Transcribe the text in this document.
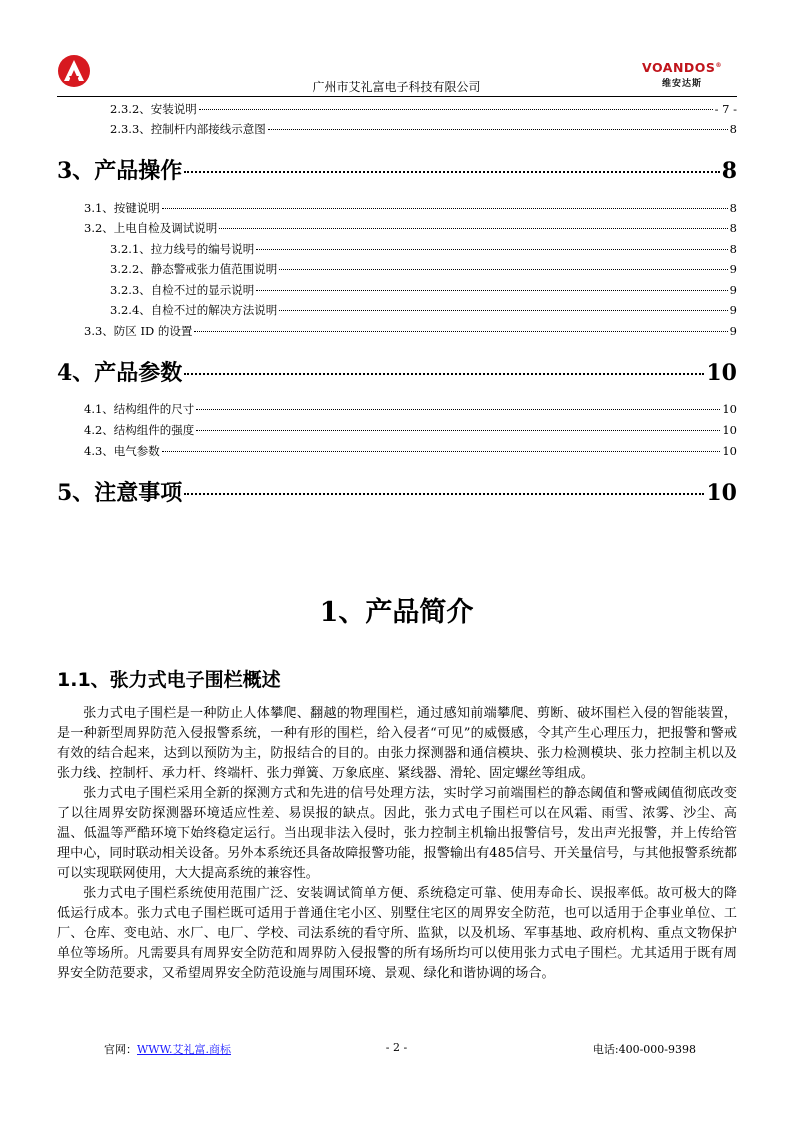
VOANDOS®
维安达斯
广州市艾礼富电子科技有限公司
2.3.2、安装说明	- 7 -
2.3.3、控制杆内部接线示意图	8
3、产品操作	8
3.1、按键说明	8
3.2、上电自检及调试说明	8
3.2.1、拉力线号的编号说明	8
3.2.2、静态警戒张力值范围说明	9
3.2.3、自检不过的显示说明	9
3.2.4、自检不过的解决方法说明	9
3.3、防区 ID 的设置	9
4、产品参数	10
4.1、结构组件的尺寸	10
4.2、结构组件的强度	10
4.3、电气参数	10
5、注意事项	10
1、产品简介
1.1、张力式电子围栏概述

张力式电子围栏是一种防止人体攀爬、翻越的物理围栏，通过感知前端攀爬、剪断、破坏围栏入侵的智能装置，是一种新型周界防范入侵报警系统，一种有形的围栏，给入侵者“可见”的威慑感，令其产生心理压力，把报警和警戒有效的结合起来，达到以预防为主，防报结合的目的。由张力探测器和通信模块、张力检测模块、张力控制主机以及张力线、控制杆、承力杆、终端杆、张力弹簧、万象底座、紧线器、滑轮、固定螺丝等组成。

张力式电子围栏采用全新的探测方式和先进的信号处理方法，实时学习前端围栏的静态阈值和警戒阈值彻底改变了以往周界安防探测器环境适应性差、易误报的缺点。因此，张力式电子围栏可以在风霜、雨雪、浓雾、沙尘、高温、低温等严酷环境下始终稳定运行。当出现非法入侵时，张力控制主机输出报警信号，发出声光报警，并上传给管理中心，同时联动相关设备。另外本系统还具备故障报警功能，报警输出有485信号、开关量信号，与其他报警系统都可以实现联网使用，大大提高系统的兼容性。

张力式电子围栏系统使用范围广泛、安装调试简单方便、系统稳定可靠、使用寿命长、误报率低。故可极大的降低运行成本。张力式电子围栏既可适用于普通住宅小区、别墅住宅区的周界安全防范，也可以适用于企事业单位、工厂、仓库、变电站、水厂、电厂、学校、司法系统的看守所、监狱，以及机场、军事基地、政府机构、重点文物保护单位等场所。凡需要具有周界安全防范和周界防入侵报警的所有场所均可以使用张力式电子围栏。尤其适用于既有周界安全防范要求，又希望周界安全防范设施与周围环境、景观、绿化和谐协调的场合。

官网：WWW.艾礼富.商标	- 2 -	电话:400-000-9398
